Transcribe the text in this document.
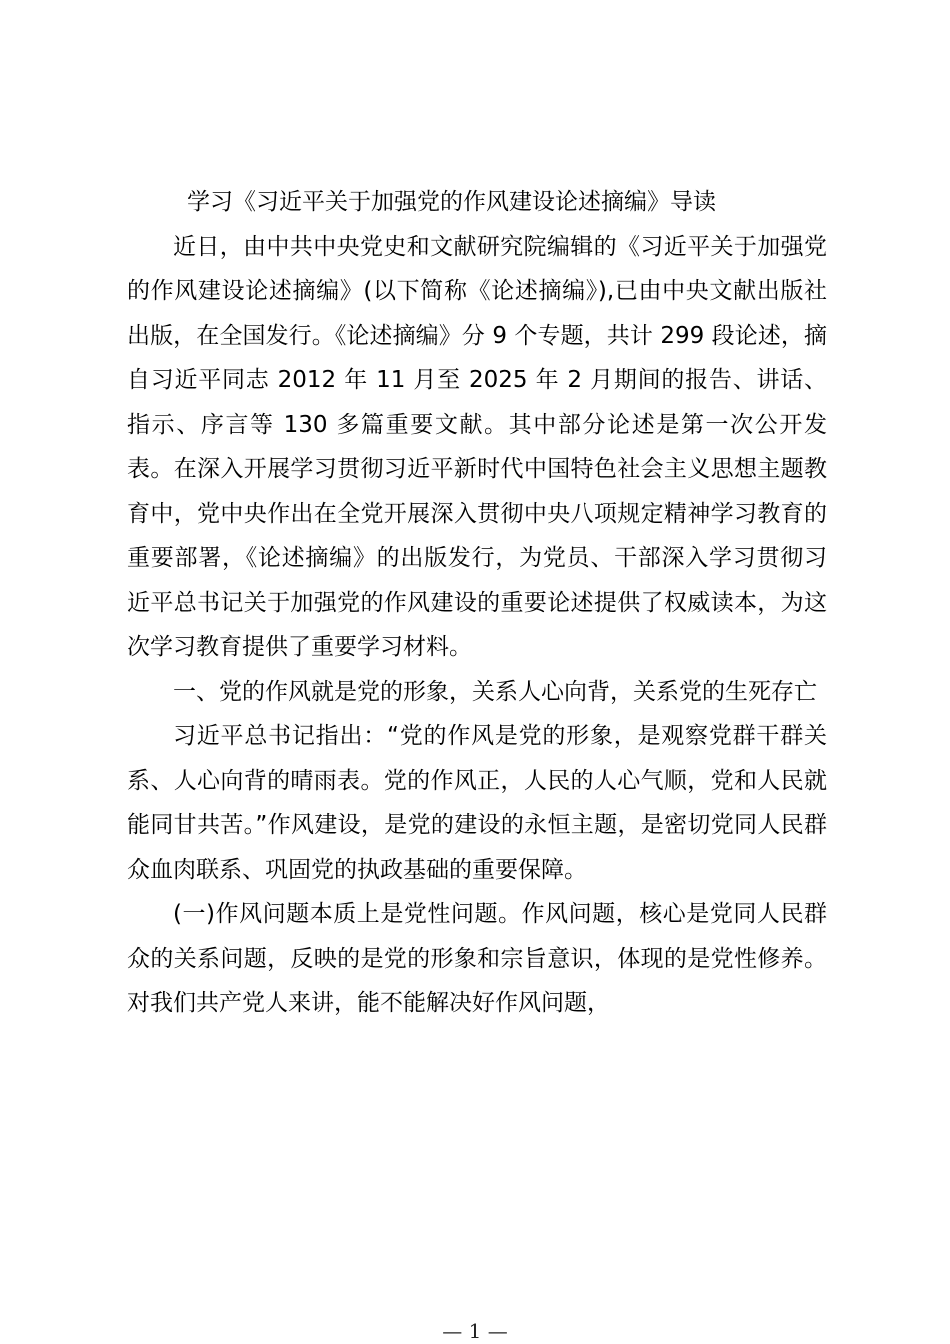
学习《习近平关于加强党的作风建设论述摘编》导读

近日，由中共中央党史和文献研究院编辑的《习近平关于加强党的作风建设论述摘编》(以下简称《论述摘编》),已由中央文献出版社出版，在全国发行。《论述摘编》分 9 个专题，共计 299 段论述，摘自习近平同志 2012 年 11 月至 2025 年 2 月期间的报告、讲话、指示、序言等 130 多篇重要文献。其中部分论述是第一次公开发表。在深入开展学习贯彻习近平新时代中国特色社会主义思想主题教育中，党中央作出在全党开展深入贯彻中央八项规定精神学习教育的重要部署，《论述摘编》的出版发行，为党员、干部深入学习贯彻习近平总书记关于加强党的作风建设的重要论述提供了权威读本，为这次学习教育提供了重要学习材料。

一、党的作风就是党的形象，关系人心向背，关系党的生死存亡

习近平总书记指出：“党的作风是党的形象，是观察党群干群关系、人心向背的晴雨表。党的作风正，人民的人心气顺，党和人民就能同甘共苦。”作风建设，是党的建设的永恒主题，是密切党同人民群众血肉联系、巩固党的执政基础的重要保障。

(一)作风问题本质上是党性问题。作风问题，核心是党同人民群众的关系问题，反映的是党的形象和宗旨意识，体现的是党性修养。对我们共产党人来讲，能不能解决好作风问题，

— 1 —
